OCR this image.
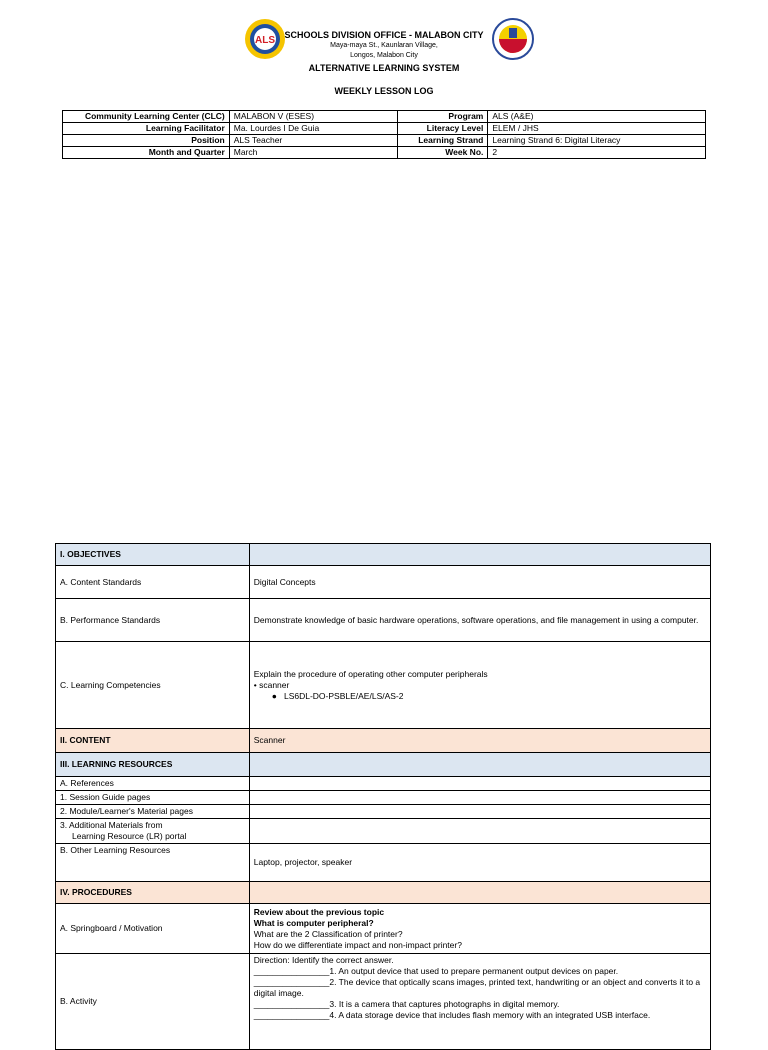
ALS	SCHOOLS DIVISION OFFICE - MALABON CITY
Maya-maya St., Kaunlaran Village,
Longos, Malabon City
ALTERNATIVE LEARNING SYSTEM
WEEKLY LESSON LOG
Community Learning Center (CLC)	MALABON V (ESES)	Program	ALS (A&E)
Learning Facilitator	Ma. Lourdes I De Guia	Literacy Level	ELEM / JHS
Position	ALS Teacher	Learning Strand	Learning Strand 6: Digital Literacy
Month and Quarter	March	Week No.	2
I. OBJECTIVES	
A. Content Standards	Digital Concepts
B. Performance Standards	Demonstrate knowledge of basic hardware operations, software operations, and file management in using a computer.
C. Learning Competencies	Explain the procedure of operating other computer peripherals
• scanner
●   LS6DL-DO-PSBLE/AE/LS/AS-2

II. CONTENT	Scanner
III. LEARNING RESOURCES	
A. References	
1. Session Guide pages	
2. Module/Learner's Material pages	

3. Additional Materials from
Learning Resource (LR) portal	

B. Other Learning Resources	Laptop, projector, speaker
IV. PROCEDURES	
A. Springboard / Motivation	Review about the previous topic
What is computer peripheral?
What are the 2 Classification of printer?
How do we differentiate impact and non-impact printer?

B. Activity	Direction: Identify the correct answer.
________________1. An output device that used to prepare permanent output devices on paper.
________________2. The device that optically scans images, printed text, handwriting or an object and converts it to a digital image.
________________3. It is a camera that captures photographs in digital memory.
________________4. A data storage device that includes flash memory with an integrated USB interface.
